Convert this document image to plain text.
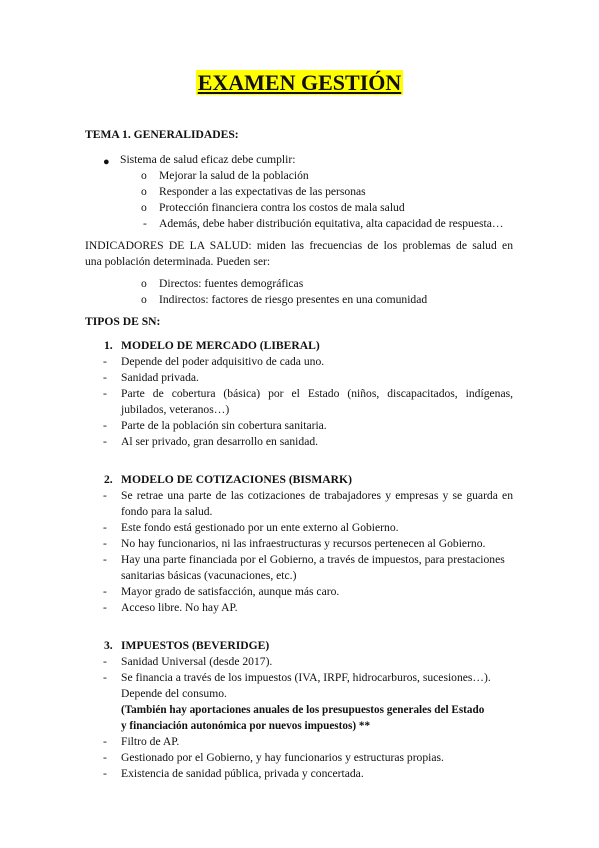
EXAMEN GESTIÓN
TEMA 1. GENERALIDADES:
● Sistema de salud eficaz debe cumplir:
o Mejorar la salud de la población
o Responder a las expectativas de las personas
o Protección financiera contra los costos de mala salud
- Además, debe haber distribución equitativa, alta capacidad de respuesta…
INDICADORES DE LA SALUD: miden las frecuencias de los problemas de salud en
una población determinada. Pueden ser:
o Directos: fuentes demográficas
o Indirectos: factores de riesgo presentes en una comunidad
TIPOS DE SN:
1. MODELO DE MERCADO (LIBERAL)
- Depende del poder adquisitivo de cada uno.
- Sanidad privada.
- Parte de cobertura (básica) por el Estado (niños, discapacitados, indígenas,
jubilados, veteranos…)
- Parte de la población sin cobertura sanitaria.
- Al ser privado, gran desarrollo en sanidad.
2. MODELO DE COTIZACIONES (BISMARK)
- Se retrae una parte de las cotizaciones de trabajadores y empresas y se guarda en
fondo para la salud.
- Este fondo está gestionado por un ente externo al Gobierno.
- No hay funcionarios, ni las infraestructuras y recursos pertenecen al Gobierno.
- Hay una parte financiada por el Gobierno, a través de impuestos, para prestaciones
sanitarias básicas (vacunaciones, etc.)
- Mayor grado de satisfacción, aunque más caro.
- Acceso libre. No hay AP.
3. IMPUESTOS (BEVERIDGE)
- Sanidad Universal (desde 2017).
- Se financia a través de los impuestos (IVA, IRPF, hidrocarburos, sucesiones…).
Depende del consumo.
(También hay aportaciones anuales de los presupuestos generales del Estado
y financiación autonómica por nuevos impuestos) **
- Filtro de AP.
- Gestionado por el Gobierno, y hay funcionarios y estructuras propias.
- Existencia de sanidad pública, privada y concertada.
